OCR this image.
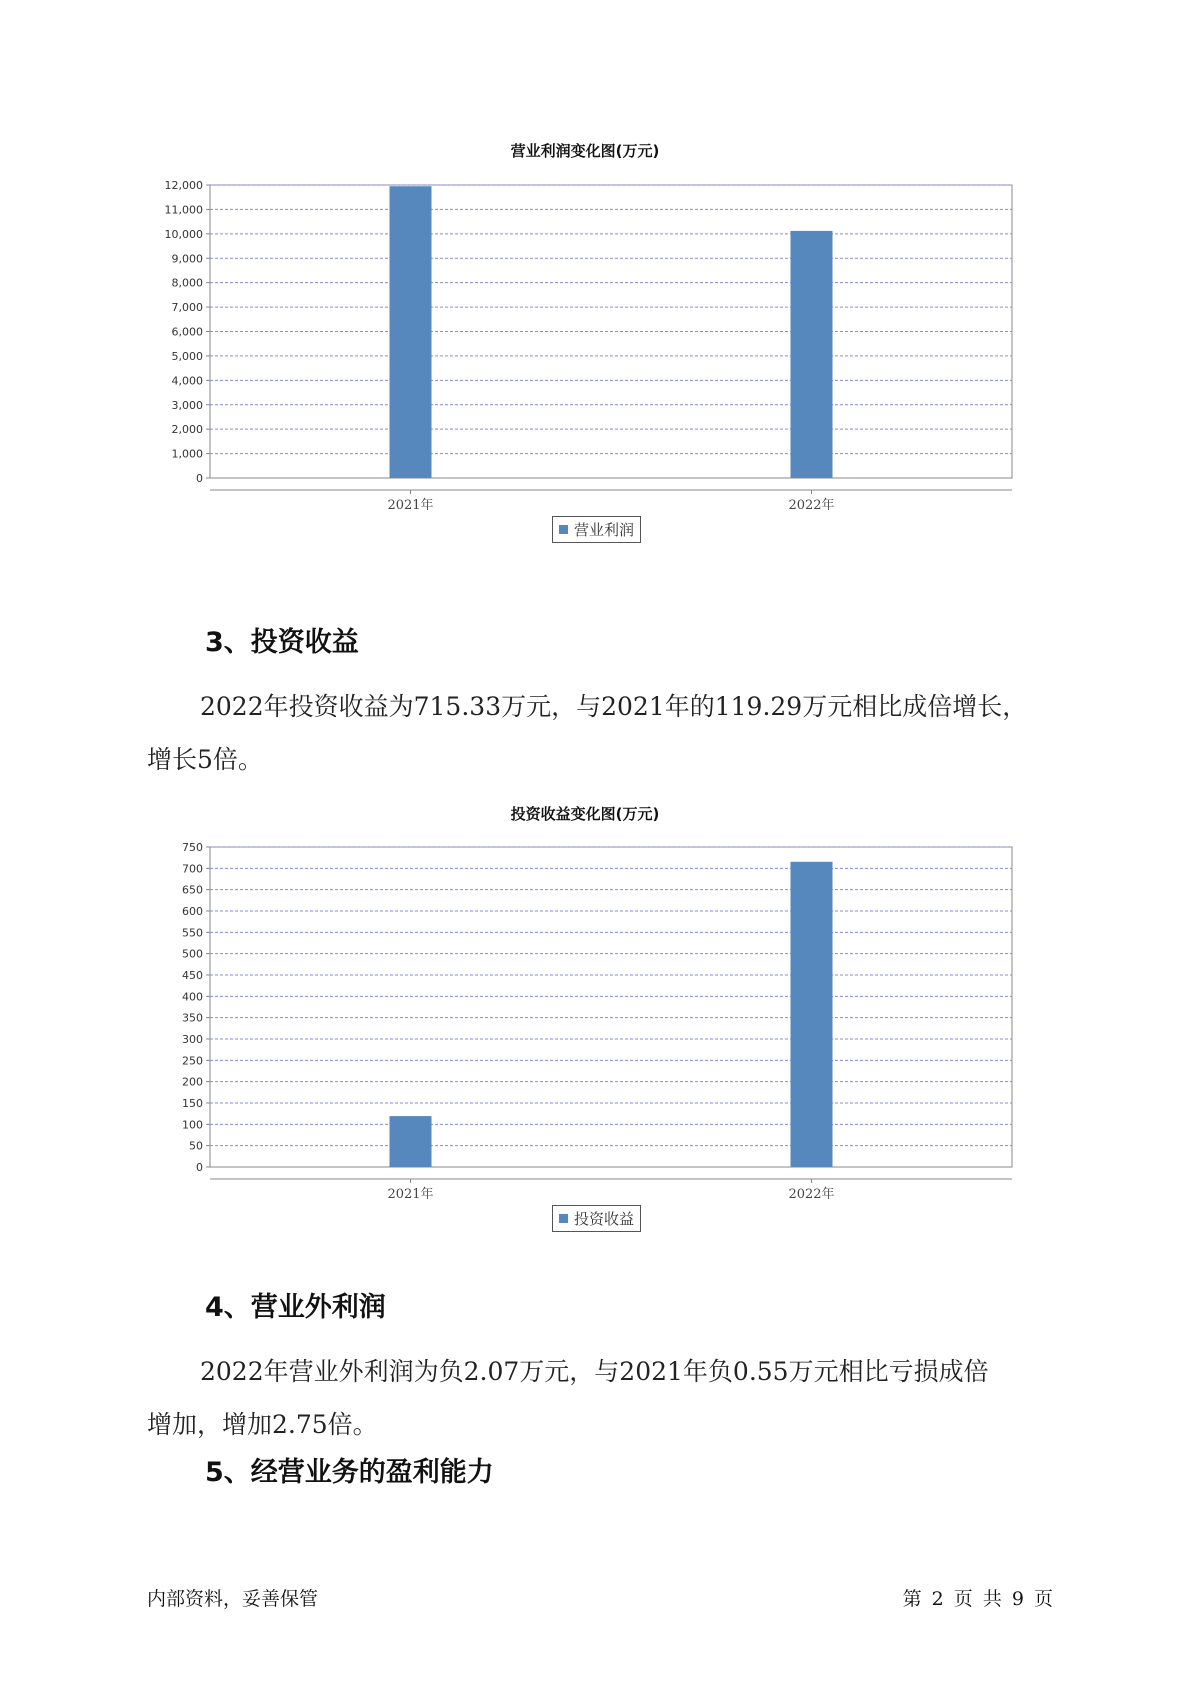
营业利润变化图(万元)
0
1,000
2,000
3,000
4,000
5,000
6,000
7,000
8,000
9,000
10,000
11,000
12,000
2021年	2022年
营业利润
3、投资收益

2022年投资收益为715.33万元，与2021年的119.29万元相比成倍增长，
增长5倍。

投资收益变化图(万元)
0
50
100
150
200
250
300
350
400
450
500
550
600
650
700
750
2021年	2022年
投资收益
4、营业外利润

2022年营业外利润为负2.07万元，与2021年负0.55万元相比亏损成倍
增加，增加2.75倍。

5、经营业务的盈利能力
内部资料，妥善保管	第 2 页 共 9 页
